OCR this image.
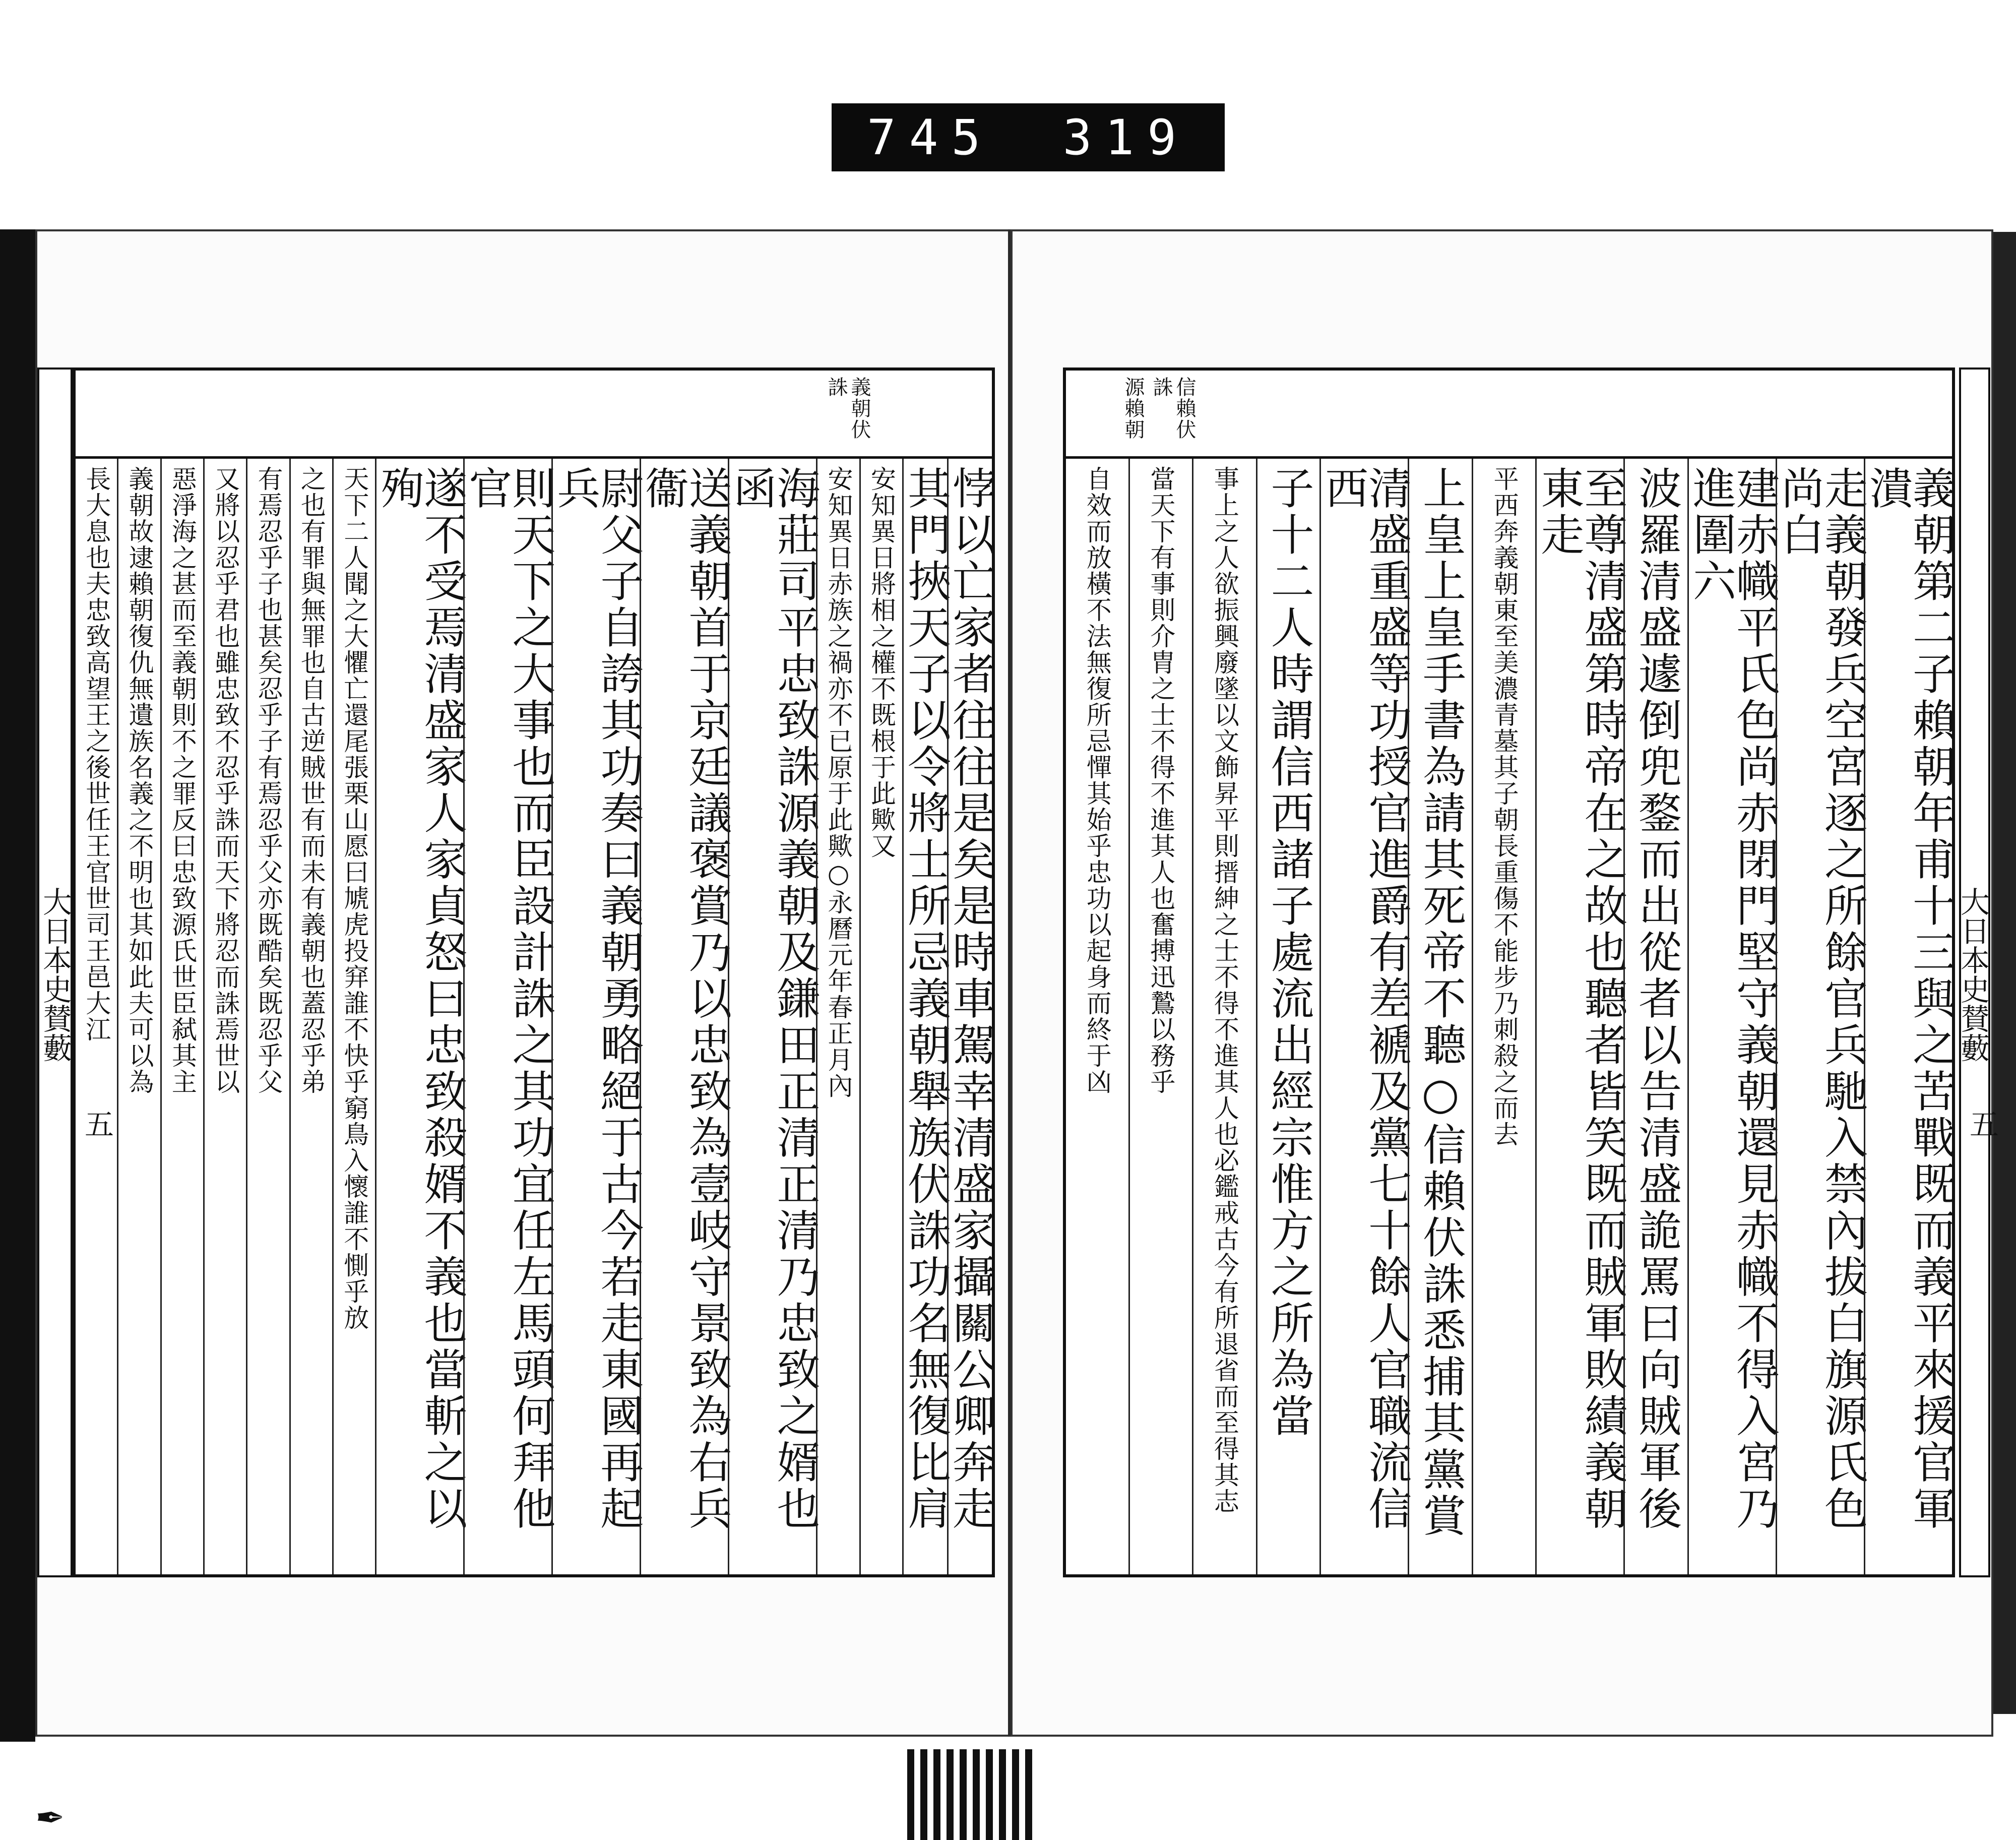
745 319
大日本史賛藪
義朝伏誅
悖以亡家者往往是矣是時車駕幸清盛家攝關公卿奔走
其門挾天子以令將士所忌義朝舉族伏誅功名無復比肩
安知異日將相之權不既根于此歟又
安知異日赤族之禍亦不已原于此歟○永曆元年春正月內
海莊司平忠致誅源義朝及鎌田正清正清乃忠致之婿也函
送義朝首于京廷議褒賞乃以忠致為壹岐守景致為右兵衞
尉父子自誇其功奏曰義朝勇略絕于古今若走東國再起兵
則天下之大事也而臣設計誅之其功宜任左馬頭何拜他官
遂不受焉清盛家人家貞怒曰忠致殺婿不義也當斬之以殉
天下二人聞之大懼亡還尾張栗山愿曰虓虎投穽誰不快乎窮鳥入懷誰不惻乎放
之也有罪與無罪也自古逆賊世有而未有義朝也蓋忍乎弟
有焉忍乎子也甚矣忍乎子有焉忍乎父亦既酷矣既忍乎父
又將以忍乎君也雖忠致不忍乎誅而天下將忍而誅焉世以
惡淨海之甚而至義朝則不之罪反曰忠致源氏世臣弑其主
義朝故逮賴朝復仇無遺族名義之不明也其如此夫可以為
長大息也夫忠致高望王之後世任王官世司王邑大江
源賴朝	信賴伏誅
義朝第二子賴朝年甫十三與之苦戰既而義平來援官軍潰
走義朝發兵空宮逐之所餘官兵馳入禁內拔白旗源氏色尚白
建赤幟平氏色尚赤閉門堅守義朝還見赤幟不得入宮乃進圍六
波羅清盛遽倒兜鍪而出從者以告清盛詭罵曰向賊軍後
至尊清盛第時帝在之故也聽者皆笑既而賊軍敗績義朝東走
平西奔義朝東至美濃青墓其子朝長重傷不能步乃刺殺之而去
上皇上皇手書為請其死帝不聽○信賴伏誅悉捕其黨賞
清盛重盛等功授官進爵有差褫及黨七十餘人官職流信西
子十二人時謂信西諸子處流出經宗惟方之所為當
事上之人欲振興廢墜以文飾昇平則搢紳之士不得不進其人也必鑑戒古今有所退省而至得其志
當天下有事則介胄之士不得不進其人也奮搏迅鷙以務乎
自效而放橫不法無復所忌憚其始乎忠功以起身而終于凶	大日本史賛藪
五	五
✒
